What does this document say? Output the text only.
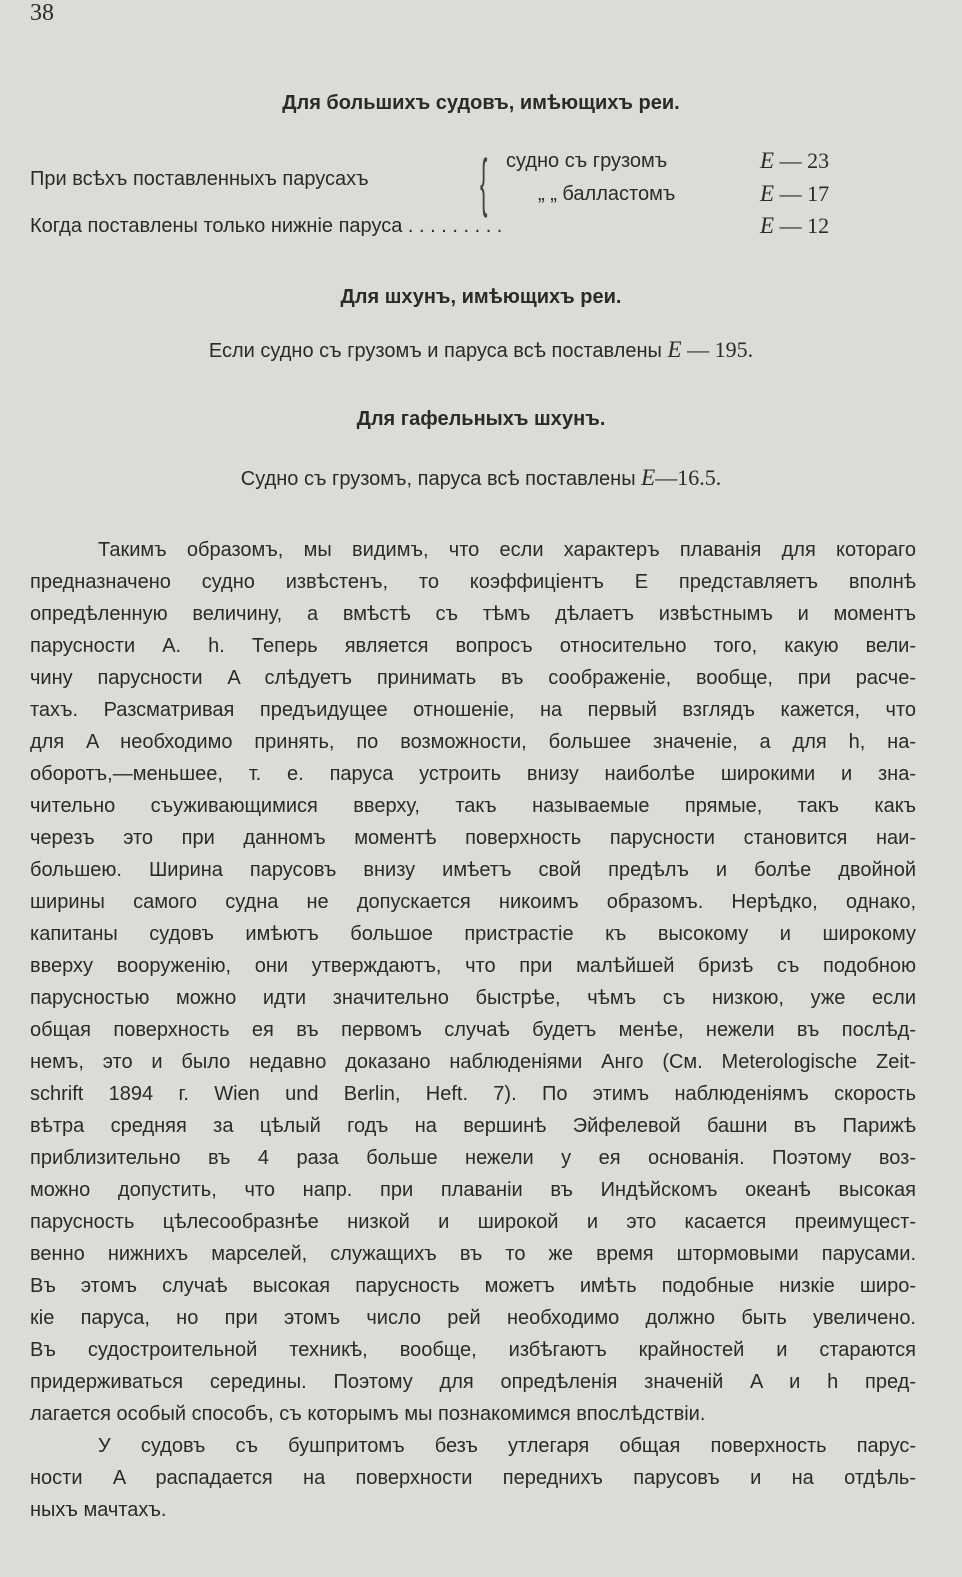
38
Для большихъ судовъ, имѣющихъ реи.
При всѣхъ поставленныхъ парусахъ { судно съ грузомъ	E — 23
„ „ балластомъ	E — 17
Когда поставлены только нижніе паруса . . . . . . . . .	E — 12
Для шхунъ, имѣющихъ реи.
Если судно съ грузомъ и паруса всѣ поставлены E — 195.
Для гафельныхъ шхунъ.
Судно съ грузомъ, паруса всѣ поставлены E—16.5.
Такимъ образомъ, мы видимъ, что если характеръ плаванія для котораго
предназначено судно извѣстенъ, то коэффиціентъ E представляетъ вполнѣ
опредѣленную величину, а вмѣстѣ съ тѣмъ дѣлаетъ извѣстнымъ и моментъ
парусности A. h. Теперь является вопросъ относительно того, какую вели-
чину парусности A слѣдуетъ принимать въ соображеніе, вообще, при расче-
тахъ. Разсматривая предъидущее отношеніе, на первый взглядъ кажется, что
для A необходимо принять, по возможности, большее значеніе, а для h, на-
оборотъ,—меньшее, т. е. паруса устроить внизу наиболѣе широкими и зна-
чительно съуживающимися вверху, такъ называемые прямые, такъ какъ
черезъ это при данномъ моментѣ поверхность парусности становится наи-
большею. Ширина парусовъ внизу имѣетъ свой предѣлъ и болѣе двойной
ширины самого судна не допускается никоимъ образомъ. Нерѣдко, однако,
капитаны судовъ имѣютъ большое пристрастіе къ высокому и широкому
вверху вооруженію, они утверждаютъ, что при малѣйшей бризѣ съ подобною
парусностью можно идти значительно быстрѣе, чѣмъ съ низкою, уже если
общая поверхность ея въ первомъ случаѣ будетъ менѣе, нежели въ послѣд-
немъ, это и было недавно доказано наблюденіями Анго (См. Meterologische Zeit-
schrift 1894 г. Wien und Berlin, Heft. 7). По этимъ наблюденіямъ скорость
вѣтра средняя за цѣлый годъ на вершинѣ Эйфелевой башни въ Парижѣ
приблизительно въ 4 раза больше нежели у ея основанія. Поэтому воз-
можно допустить, что напр. при плаваніи въ Индѣйскомъ океанѣ высокая
парусность цѣлесообразнѣе низкой и широкой и это касается преимущест-
венно нижнихъ марселей, служащихъ въ то же время штормовыми парусами.
Въ этомъ случаѣ высокая парусность можетъ имѣть подобные низкіе широ-
кіе паруса, но при этомъ число рей необходимо должно быть увеличено.
Въ судостроительной техникѣ, вообще, избѣгаютъ крайностей и стараются
придерживаться середины. Поэтому для опредѣленія значеній A и h пред-
лагается особый способъ, съ которымъ мы познакомимся впослѣдствіи.
У судовъ съ бушпритомъ безъ утлегаря общая поверхность парус-
ности A распадается на поверхности переднихъ парусовъ и на отдѣль-
ныхъ мачтахъ.
